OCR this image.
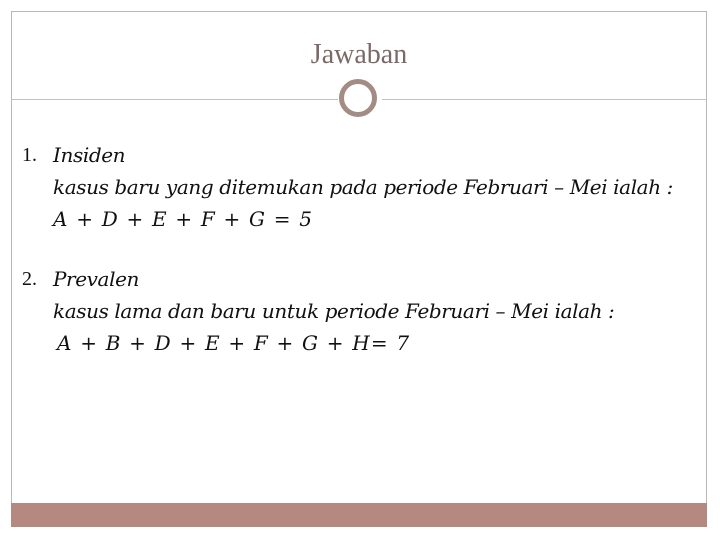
Jawaban
1. Insiden
kasus baru yang ditemukan pada periode Februari – Mei ialah :
A + D + E + F + G = 5
2. Prevalen
kasus lama dan baru untuk periode Februari – Mei ialah :
A + B + D + E + F + G + H= 7
